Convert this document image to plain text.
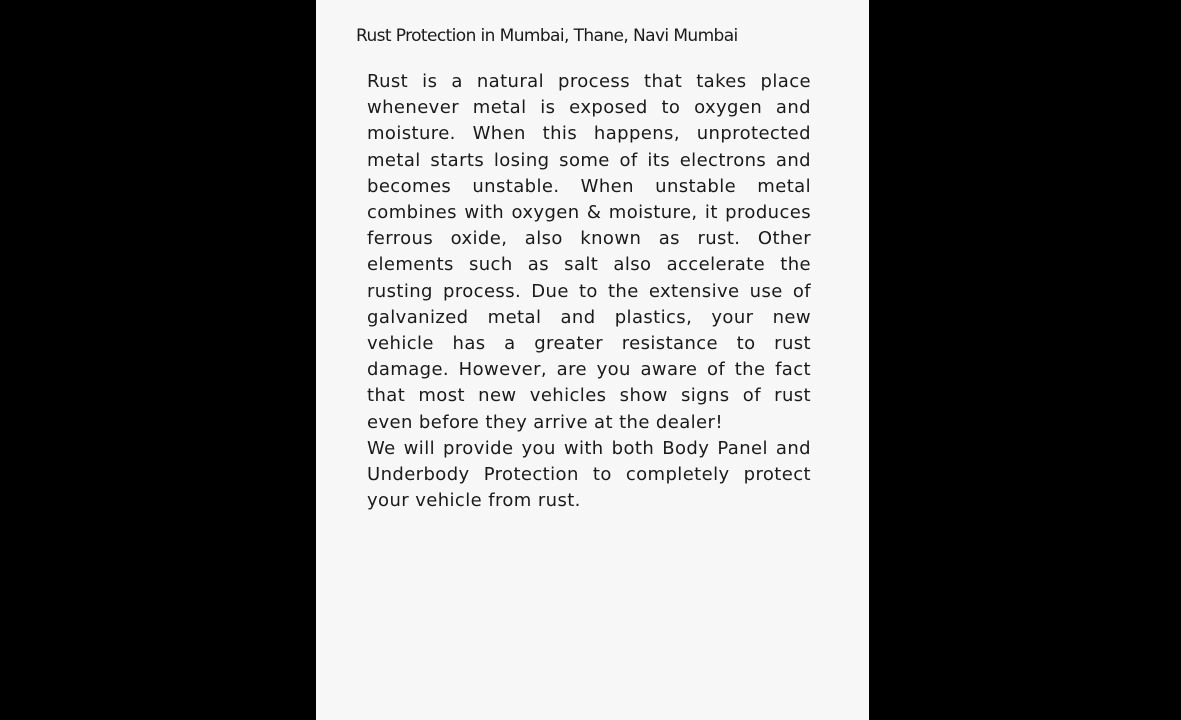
Rust Protection in Mumbai, Thane, Navi Mumbai

Rust is a natural process that takes place whenever metal is exposed to oxygen and moisture. When this happens, unprotected metal starts losing some of its electrons and becomes unstable. When unstable metal combines with oxygen & moisture, it produces ferrous oxide, also known as rust. Other elements such as salt also accelerate the rusting process. Due to the extensive use of galvanized metal and plastics, your new vehicle has a greater resistance to rust damage. However, are you aware of the fact that most new vehicles show signs of rust even before they arrive at the dealer!

We will provide you with both Body Panel and Underbody Protection to completely protect your vehicle from rust.
